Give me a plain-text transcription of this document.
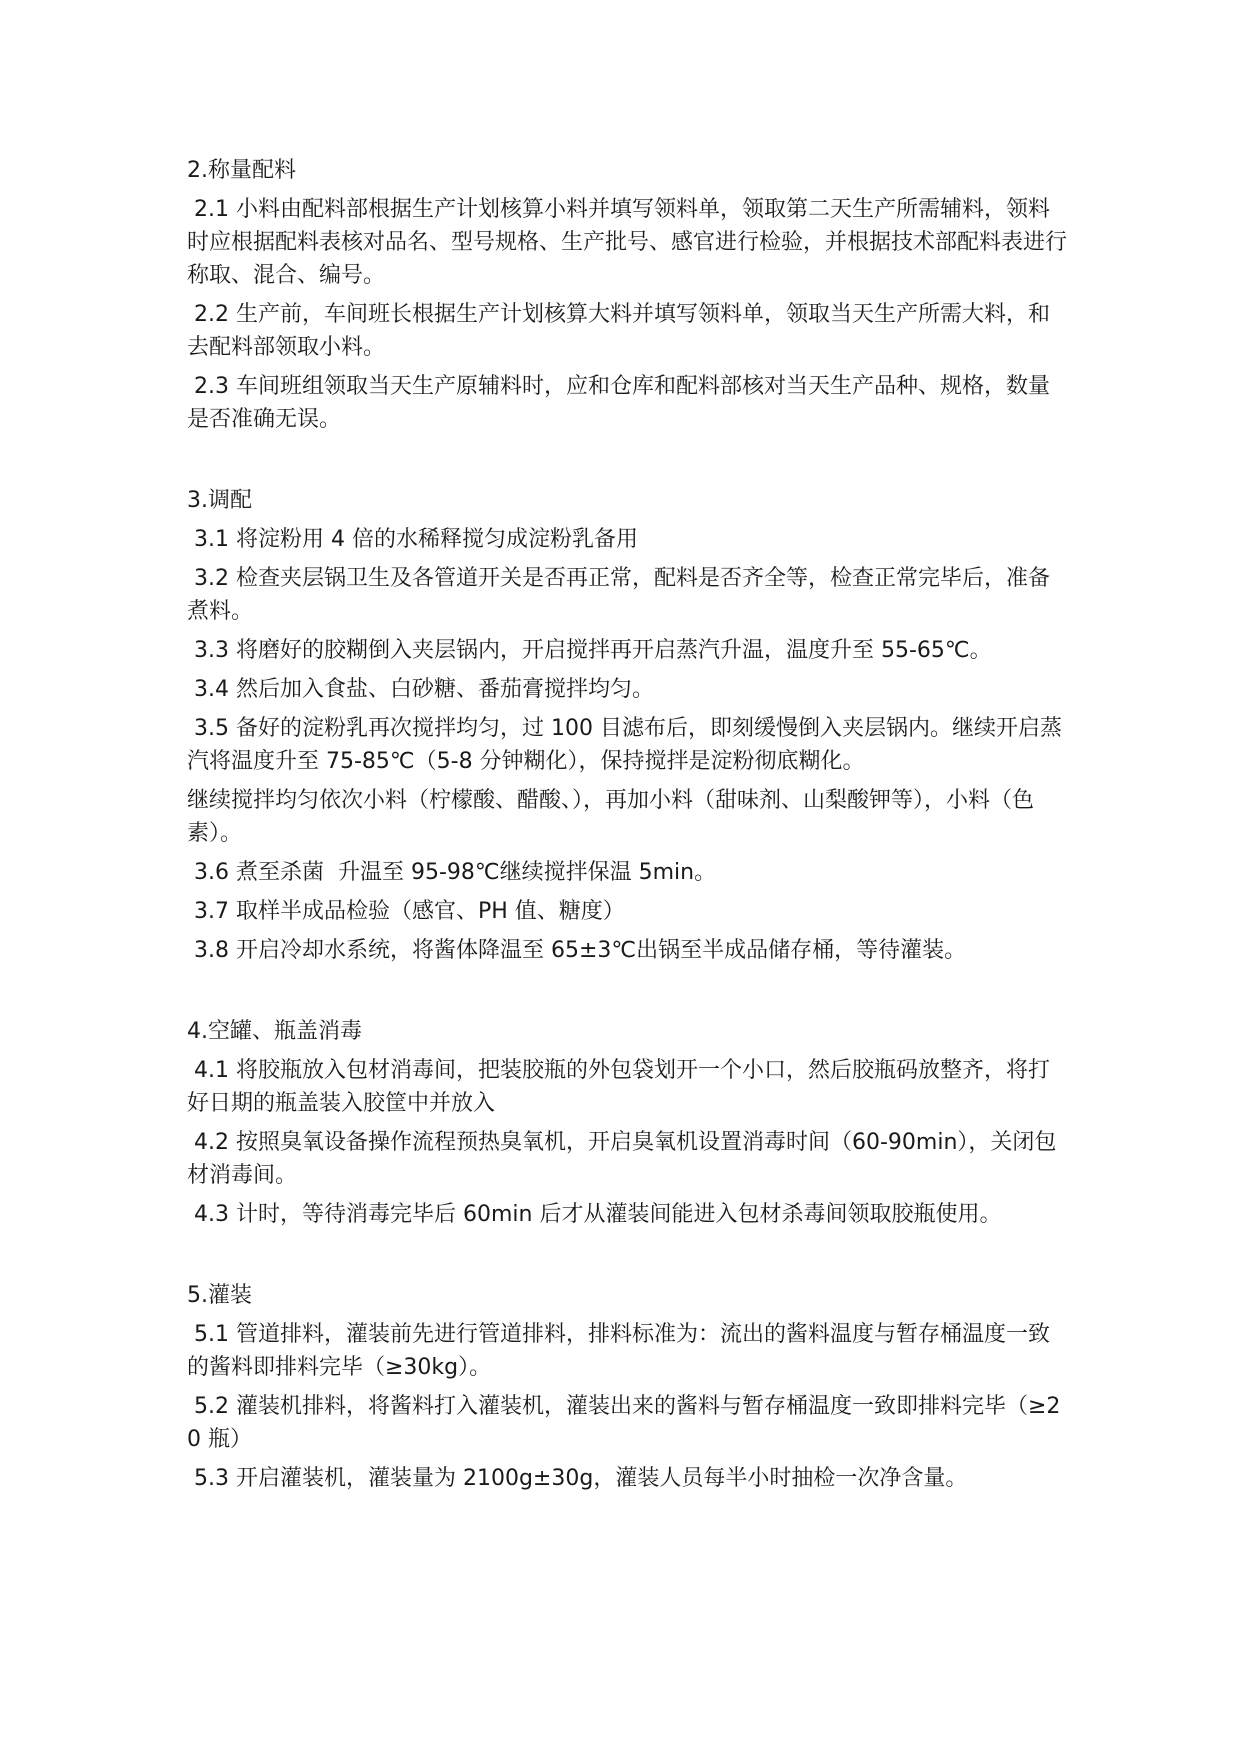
2.称量配料

2.1 小料由配料部根据生产计划核算小料并填写领料单，领取第二天生产所需辅料，领料时应根据配料表核对品名、型号规格、生产批号、感官进行检验，并根据技术部配料表进行称取、混合、编号。

2.2 生产前，车间班长根据生产计划核算大料并填写领料单，领取当天生产所需大料，和去配料部领取小料。

2.3 车间班组领取当天生产原辅料时，应和仓库和配料部核对当天生产品种、规格，数量是否准确无误。

3.调配

3.1 将淀粉用 4 倍的水稀释搅匀成淀粉乳备用

3.2 检查夹层锅卫生及各管道开关是否再正常，配料是否齐全等，检查正常完毕后，准备煮料。

3.3 将磨好的胶糊倒入夹层锅内，开启搅拌再开启蒸汽升温，温度升至 55-65℃。

3.4 然后加入食盐、白砂糖、番茄膏搅拌均匀。

3.5 备好的淀粉乳再次搅拌均匀，过 100 目滤布后，即刻缓慢倒入夹层锅内。继续开启蒸汽将温度升至 75-85℃（5-8 分钟糊化），保持搅拌是淀粉彻底糊化。

继续搅拌均匀依次小料（柠檬酸、醋酸、），再加小料（甜味剂、山梨酸钾等），小料（色素）。

3.6 煮至杀菌  升温至 95-98℃继续搅拌保温 5min。

3.7 取样半成品检验（感官、PH 值、糖度）

3.8 开启冷却水系统，将酱体降温至 65±3℃出锅至半成品储存桶，等待灌装。

4.空罐、瓶盖消毒

4.1 将胶瓶放入包材消毒间，把装胶瓶的外包袋划开一个小口，然后胶瓶码放整齐，将打好日期的瓶盖装入胶筐中并放入

4.2 按照臭氧设备操作流程预热臭氧机，开启臭氧机设置消毒时间（60-90min），关闭包材消毒间。

4.3 计时，等待消毒完毕后 60min 后才从灌装间能进入包材杀毒间领取胶瓶使用。

5.灌装

5.1 管道排料，灌装前先进行管道排料，排料标准为：流出的酱料温度与暂存桶温度一致的酱料即排料完毕（≥30kg）。

5.2 灌装机排料，将酱料打入灌装机，灌装出来的酱料与暂存桶温度一致即排料完毕（≥20 瓶）

5.3 开启灌装机，灌装量为 2100g±30g，灌装人员每半小时抽检一次净含量。
